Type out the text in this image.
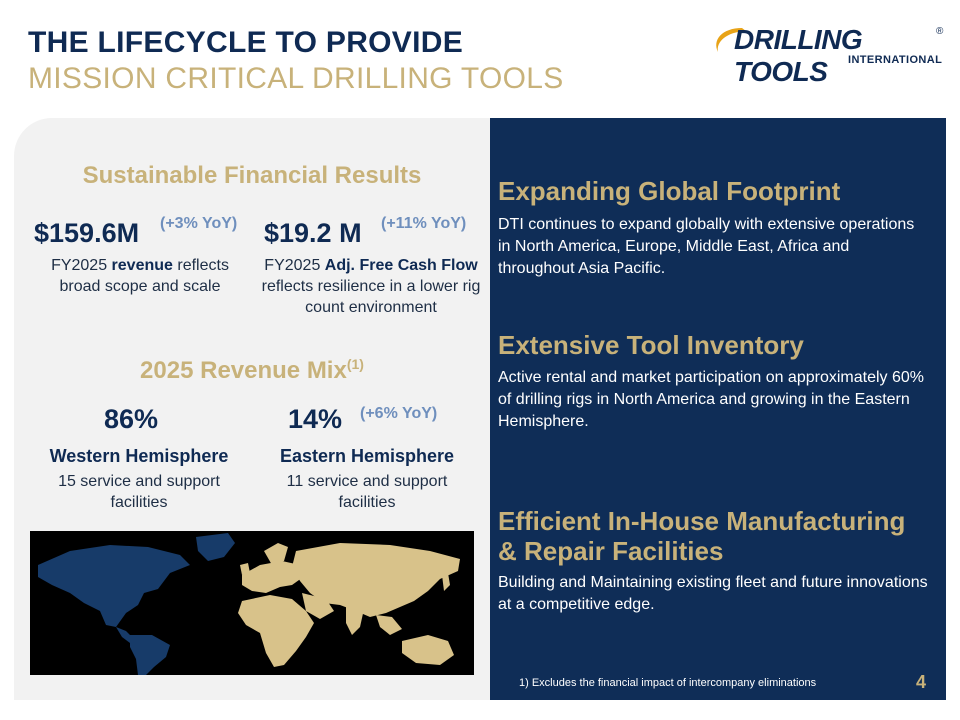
THE LIFECYCLE TO PROVIDE
MISSION CRITICAL DRILLING TOOLS
DRILLING TOOLS
®
INTERNATIONAL
Sustainable Financial Results
$159.6M (+3% YoY)
FY2025 revenue reflects broad scope and scale
$19.2 M (+11% YoY)
FY2025 Adj. Free Cash Flow reflects resilience in a lower rig count environment
2025 Revenue Mix$^{(1)}$
86%
Western Hemisphere
15 service and support facilities
14% (+6% YoY)
Eastern Hemisphere
11 service and support facilities
Expanding Global Footprint
DTI continues to expand globally with extensive operations in North America, Europe, Middle East, Africa and throughout Asia Pacific.
Extensive Tool Inventory
Active rental and market participation on approximately 60% of drilling rigs in North America and growing in the Eastern Hemisphere.
Efficient In-House Manufacturing
& Repair Facilities
Building and Maintaining existing fleet and future innovations at a competitive edge.
1) Excludes the financial impact of intercompany eliminations	4
